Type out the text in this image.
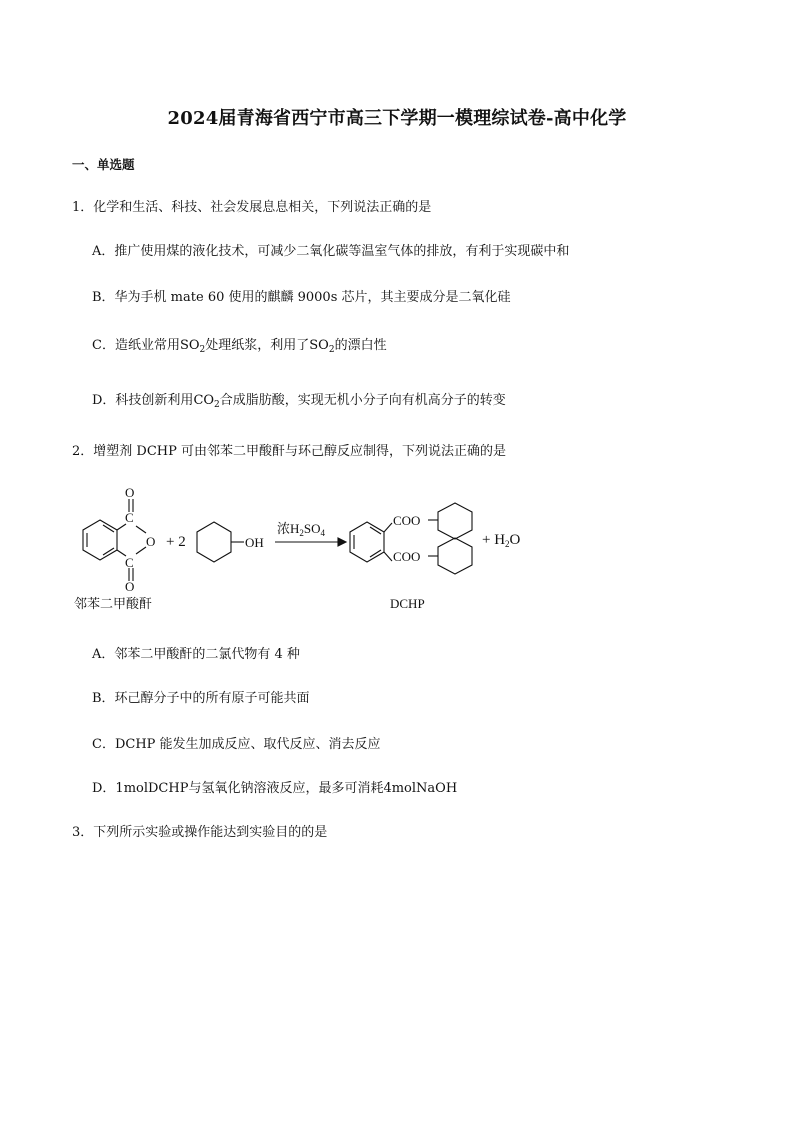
2024届青海省西宁市高三下学期一模理综试卷-高中化学
一、单选题
1．化学和生活、科技、社会发展息息相关，下列说法正确的是
A．推广使用煤的液化技术，可减少二氧化碳等温室气体的排放，有利于实现碳中和
B．华为手机 mate 60 使用的麒麟 9000s 芯片，其主要成分是二氧化硅
C．造纸业常用$SO_2$处理纸浆，利用了$SO_2$的漂白性
D．科技创新利用$CO_2$合成脂肪酸，实现无机小分子向有机高分子的转变
2．增塑剂 DCHP 可由邻苯二甲酸酐与环己醇反应制得，下列说法正确的是
O
C
O
C
O
+ 2	OH
浓$H_2SO_4$
COO
COO
+ $H_2O$
邻苯二甲酸酐	DCHP
A．邻苯二甲酸酐的二氯代物有 4 种
B．环己醇分子中的所有原子可能共面
C．DCHP 能发生加成反应、取代反应、消去反应
D．1molDCHP与氢氧化钠溶液反应，最多可消耗4molNaOH
3．下列所示实验或操作能达到实验目的的是
